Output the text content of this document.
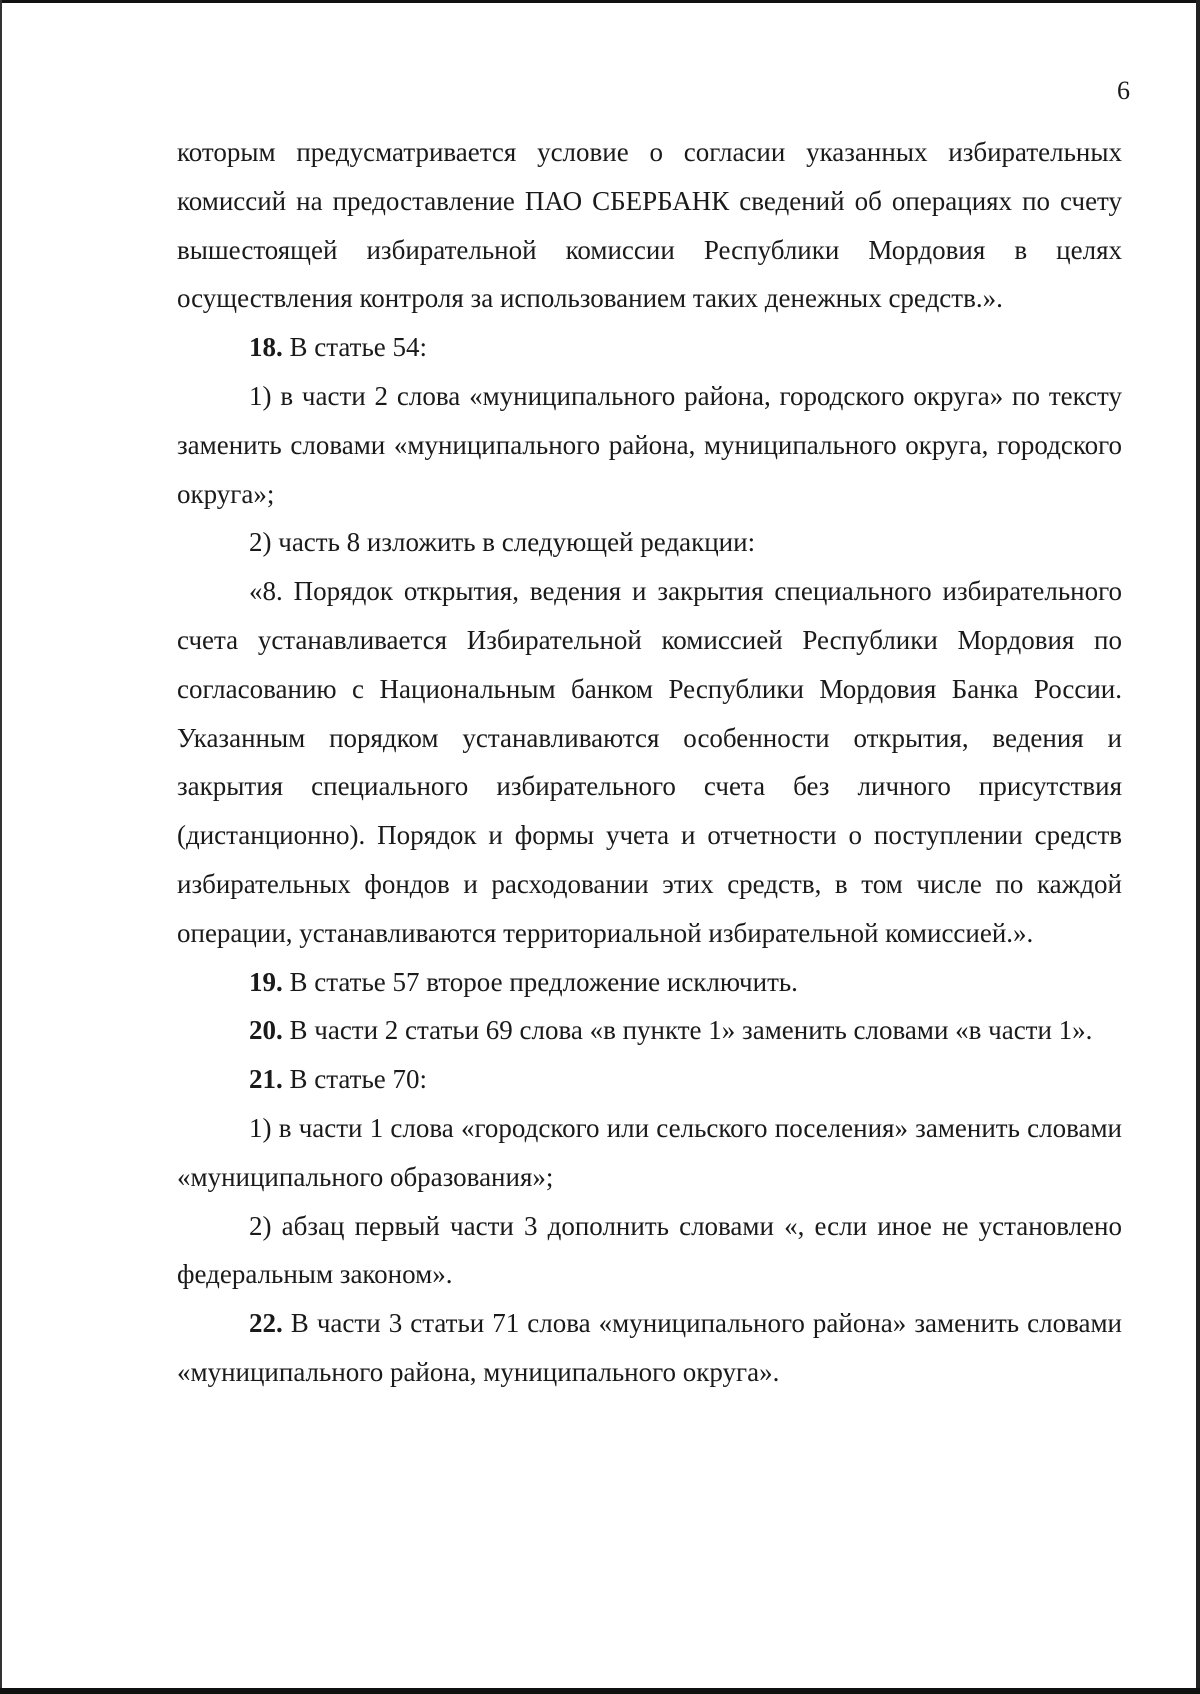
6

которым предусматривается условие о согласии указанных избирательных комиссий на предоставление ПАО СБЕРБАНК сведений об операциях по счету вышестоящей избирательной комиссии Республики Мордовия в целях осуществления контроля за использованием таких денежных средств.».

18. В статье 54:

1) в части 2 слова «муниципального района, городского округа» по тексту заменить словами «муниципального района, муниципального округа, городского округа»;

2) часть 8 изложить в следующей редакции:

«8. Порядок открытия, ведения и закрытия специального избирательного счета устанавливается Избирательной комиссией Республики Мордовия по согласованию с Национальным банком Республики Мордовия Банка России. Указанным порядком устанавливаются особенности открытия, ведения и закрытия специального избирательного счета без личного присутствия (дистанционно). Порядок и формы учета и отчетности о поступлении средств избирательных фондов и расходовании этих средств, в том числе по каждой операции, устанавливаются территориальной избирательной комиссией.».

19. В статье 57 второе предложение исключить.

20. В части 2 статьи 69 слова «в пункте 1» заменить словами «в части 1».

21. В статье 70:

1) в части 1 слова «городского или сельского поселения» заменить словами «муниципального образования»;

2) абзац первый части 3 дополнить словами «, если иное не установлено федеральным законом».

22. В части 3 статьи 71 слова «муниципального района» заменить словами «муниципального района, муниципального округа».
